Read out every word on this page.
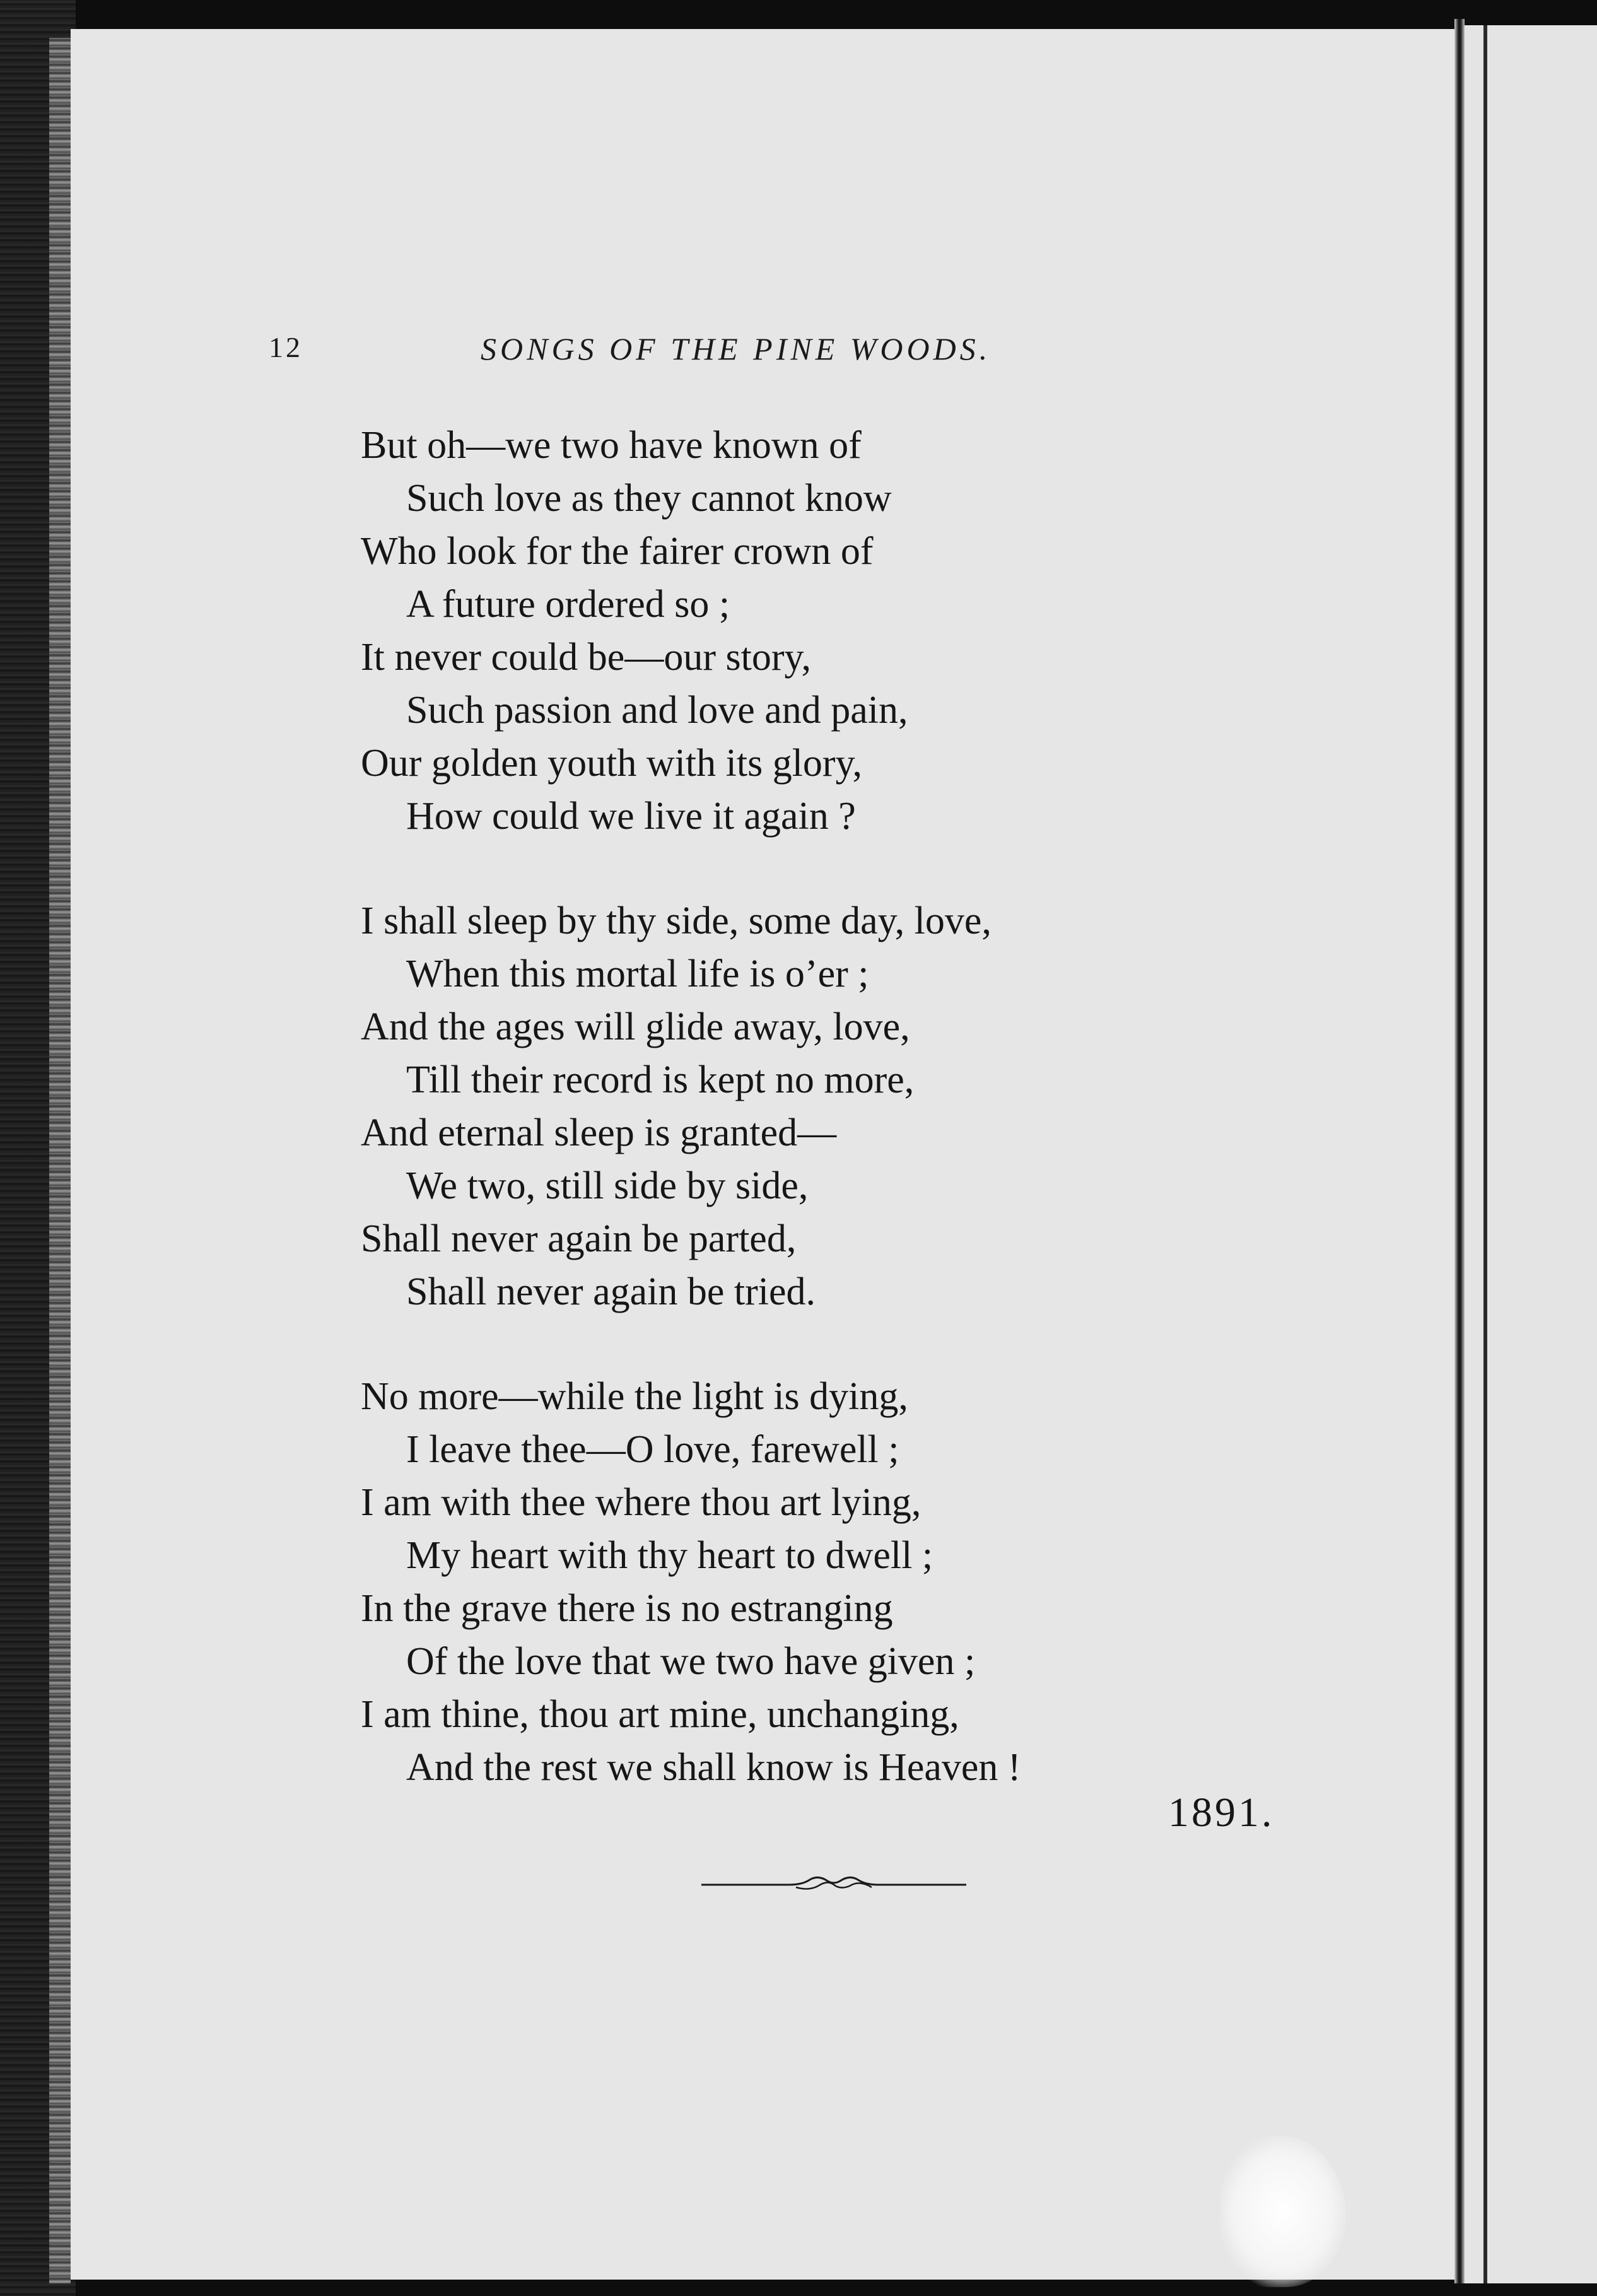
12	SONGS OF THE PINE WOODS.
But oh—we two have known of
Such love as they cannot know
Who look for the fairer crown of
A future ordered so ;
It never could be—our story,
Such passion and love and pain,
Our golden youth with its glory,
How could we live it again ?
I shall sleep by thy side, some day, love,
When this mortal life is o’er ;
And the ages will glide away, love,
Till their record is kept no more,
And eternal sleep is granted—
We two, still side by side,
Shall never again be parted,
Shall never again be tried.
No more—while the light is dying,
I leave thee—O love, farewell ;
I am with thee where thou art lying,
My heart with thy heart to dwell ;
In the grave there is no estranging
Of the love that we two have given ;
I am thine, thou art mine, unchanging,
And the rest we shall know is Heaven !
1891.
